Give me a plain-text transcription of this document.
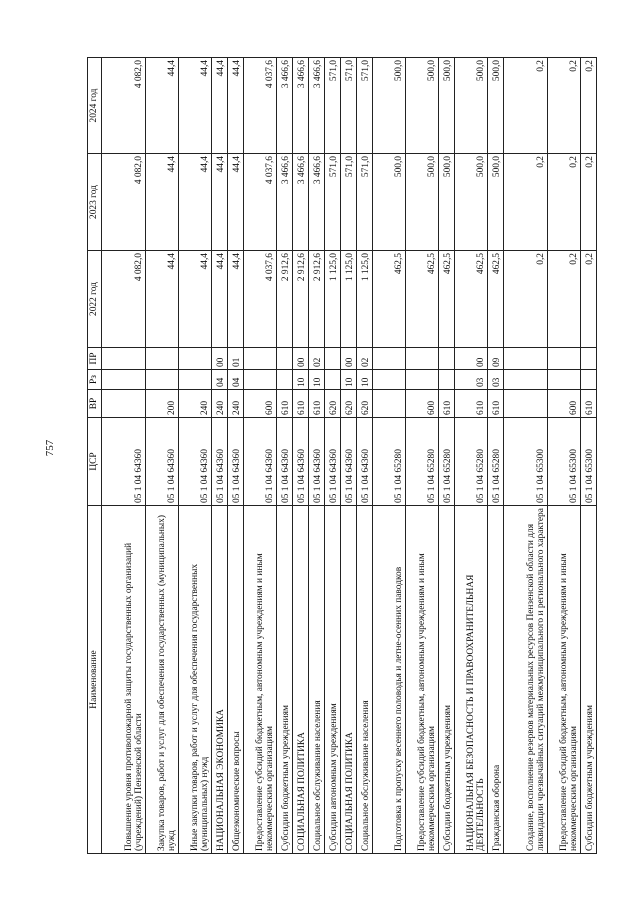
757
Наименование	ЦСР	ВР	Рз	ПР	2022 год	2023 год	2024 год
Повышение уровня противопожарной защиты государственных организаций (учреждений) Пензенской области	05 1 04 64360				4 082,0	4 082,0	4 082,0
Закупка товаров, работ и услуг для обеспечения государственных (муниципальных) нужд	05 1 04 64360	200			44,4	44,4	44,4
Иные закупки товаров, работ и услуг для обеспечения государственных (муниципальных) нужд	05 1 04 64360	240			44,4	44,4	44,4
НАЦИОНАЛЬНАЯ ЭКОНОМИКА	05 1 04 64360	240	04	00	44,4	44,4	44,4
Общеэкономические вопросы	05 1 04 64360	240	04	01	44,4	44,4	44,4
Предоставление субсидий бюджетным, автономным учреждениям и иным некоммерческим организациям	05 1 04 64360	600			4 037,6	4 037,6	4 037,6
Субсидии бюджетным учреждениям	05 1 04 64360	610			2 912,6	3 466,6	3 466,6
СОЦИАЛЬНАЯ ПОЛИТИКА	05 1 04 64360	610	10	00	2 912,6	3 466,6	3 466,6
Социальное обслуживание населения	05 1 04 64360	610	10	02	2 912,6	3 466,6	3 466,6
Субсидии автономным учреждениям	05 1 04 64360	620			1 125,0	571,0	571,0
СОЦИАЛЬНАЯ ПОЛИТИКА	05 1 04 64360	620	10	00	1 125,0	571,0	571,0
Социальное обслуживание населения	05 1 04 64360	620	10	02	1 125,0	571,0	571,0
Подготовка к пропуску весеннего половодья и летне-осенних паводков	05 1 04 65280				462,5	500,0	500,0
Предоставление субсидий бюджетным, автономным учреждениям и иным некоммерческим организациям	05 1 04 65280	600			462,5	500,0	500,0
Субсидии бюджетным учреждениям	05 1 04 65280	610			462,5	500,0	500,0
НАЦИОНАЛЬНАЯ БЕЗОПАСНОСТЬ И ПРАВООХРАНИТЕЛЬНАЯ ДЕЯТЕЛЬНОСТЬ	05 1 04 65280	610	03	00	462,5	500,0	500,0
Гражданская оборона	05 1 04 65280	610	03	09	462,5	500,0	500,0
Создание, восполнение резервов материальных ресурсов Пензенской области для ликвидации чрезвычайных ситуаций межмуниципального и регионального характера	05 1 04 65300				0,2	0,2	0,2
Предоставление субсидий бюджетным, автономным учреждениям и иным некоммерческим организациям	05 1 04 65300	600			0,2	0,2	0,2
Субсидии бюджетным учреждениям	05 1 04 65300	610			0,2	0,2	0,2
